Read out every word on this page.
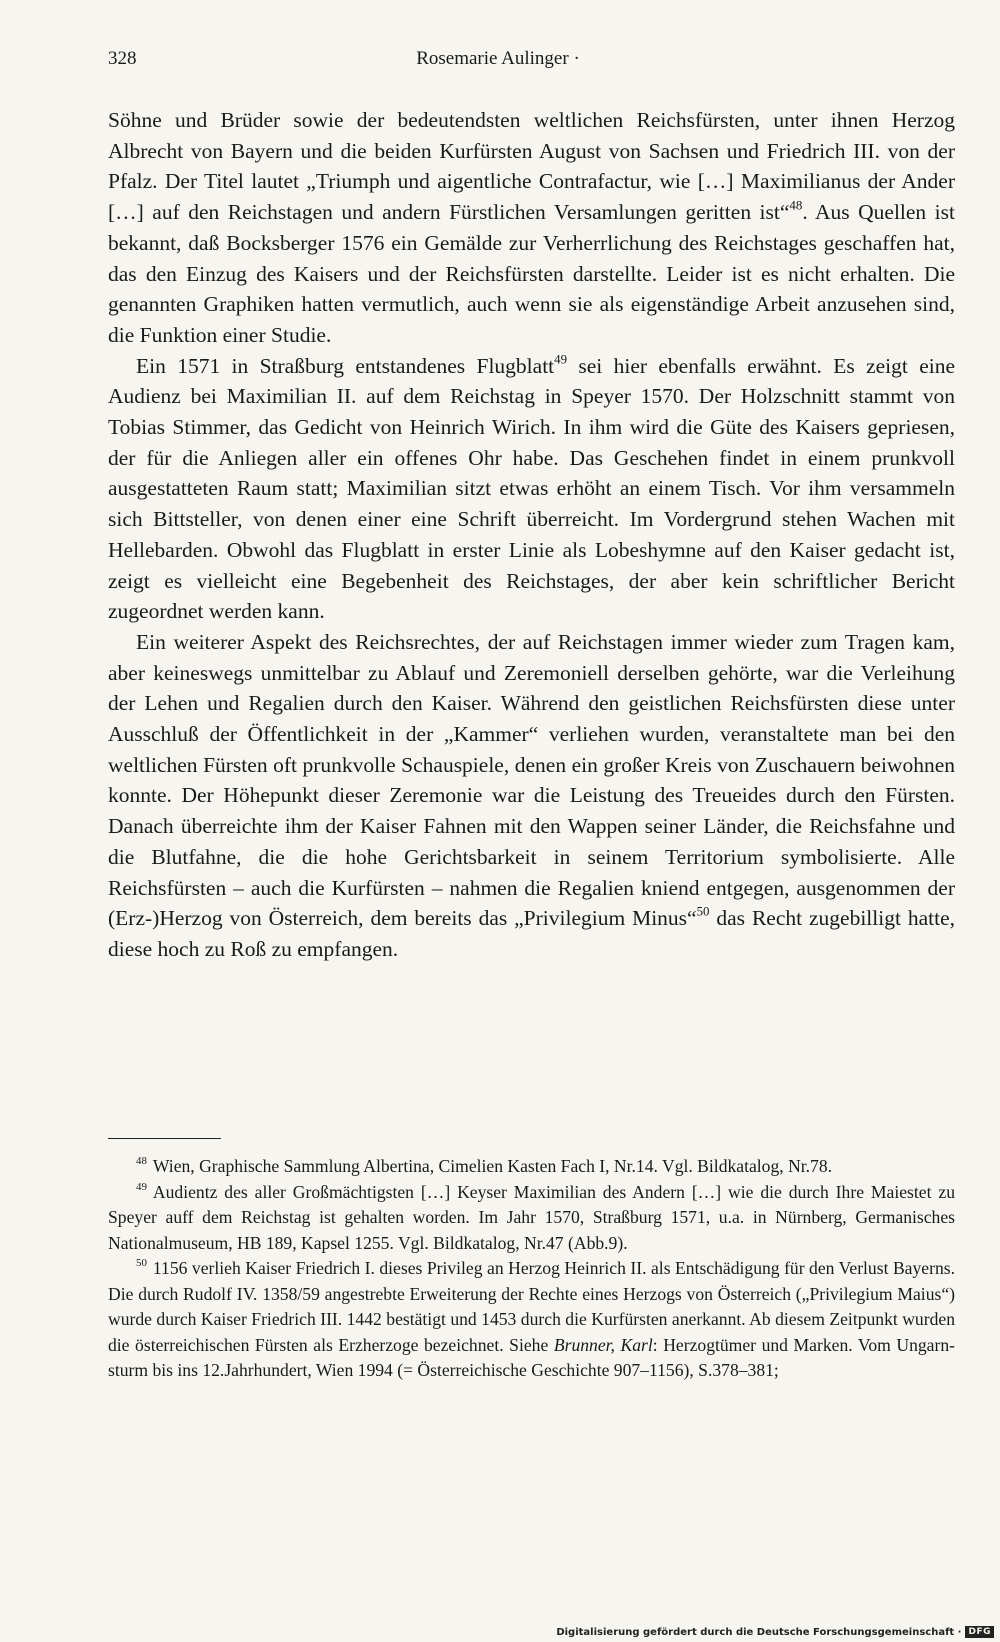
328	Rosemarie Aulinger ·

Söhne und Brüder sowie der bedeutendsten weltlichen Reichsfürsten, unter ihnen Herzog Albrecht von Bayern und die beiden Kurfürsten August von Sachsen und Friedrich III. von der Pfalz. Der Titel lautet „Triumph und aigentliche Contrafactur, wie […] Maximilianus der Ander […] auf den Reichstagen und andern Fürstlichen Versamlungen geritten ist“$^{48}$. Aus Quellen ist bekannt, daß Bocksberger 1576 ein Gemälde zur Verherrlichung des Reichstages geschaffen hat, das den Einzug des Kaisers und der Reichsfürsten darstellte. Leider ist es nicht erhalten. Die genannten Graphiken hatten vermutlich, auch wenn sie als eigenständige Arbeit anzusehen sind, die Funktion einer Studie.

Ein 1571 in Straßburg entstandenes Flugblatt$^{49}$ sei hier ebenfalls erwähnt. Es zeigt eine Audienz bei Maximilian II. auf dem Reichstag in Speyer 1570. Der Holzschnitt stammt von Tobias Stimmer, das Gedicht von Heinrich Wirich. In ihm wird die Güte des Kaisers gepriesen, der für die Anliegen aller ein offenes Ohr habe. Das Geschehen findet in einem prunkvoll ausgestatteten Raum statt; Maximilian sitzt etwas erhöht an einem Tisch. Vor ihm versammeln sich Bittsteller, von denen einer eine Schrift überreicht. Im Vordergrund stehen Wachen mit Hellebarden. Obwohl das Flugblatt in erster Linie als Lobeshymne auf den Kaiser gedacht ist, zeigt es vielleicht eine Begebenheit des Reichstages, der aber kein schriftlicher Bericht zugeordnet werden kann.

Ein weiterer Aspekt des Reichsrechtes, der auf Reichstagen immer wieder zum Tragen kam, aber keineswegs unmittelbar zu Ablauf und Zeremoniell derselben gehörte, war die Verleihung der Lehen und Regalien durch den Kaiser. Während den geistlichen Reichsfürsten diese unter Ausschluß der Öffentlichkeit in der „Kammer“ verliehen wurden, veranstaltete man bei den weltlichen Fürsten oft prunkvolle Schauspiele, denen ein großer Kreis von Zuschauern beiwohnen konnte. Der Höhepunkt dieser Zeremonie war die Leistung des Treueides durch den Fürsten. Danach überreichte ihm der Kaiser Fahnen mit den Wappen seiner Länder, die Reichsfahne und die Blutfahne, die die hohe Gerichtsbarkeit in seinem Territorium symbolisierte. Alle Reichsfürsten – auch die Kurfürsten – nahmen die Regalien kniend entgegen, ausgenommen der (Erz-)Herzog von Österreich, dem bereits das „Privilegium Minus“$^{50}$ das Recht zugebilligt hatte, diese hoch zu Roß zu empfangen.

$^{48}$ Wien, Graphische Sammlung Albertina, Cimelien Kasten Fach I, Nr.14. Vgl. Bildkatalog, Nr.78.

$^{49}$ Audientz des aller Großmächtigsten […] Keyser Maximilian des Andern […] wie die durch Ihre Maiestet zu Speyer auff dem Reichstag ist gehalten worden. Im Jahr 1570, Straßburg 1571, u.a. in Nürnberg, Germanisches Nationalmuseum, HB 189, Kapsel 1255. Vgl. Bildkatalog, Nr.47 (Abb.9).

$^{50}$ 1156 verlieh Kaiser Friedrich I. dieses Privileg an Herzog Heinrich II. als Entschädigung für den Verlust Bayerns. Die durch Rudolf IV. 1358/59 angestrebte Erweiterung der Rechte eines Herzogs von Österreich („Privilegium Maius“) wurde durch Kaiser Friedrich III. 1442 bestätigt und 1453 durch die Kurfürsten anerkannt. Ab diesem Zeitpunkt wurden die österreichischen Fürsten als Erzherzoge bezeichnet. Siehe Brunner, Karl: Herzogtümer und Marken. Vom Ungarnsturm bis ins 12.Jahrhundert, Wien 1994 (= Österreichische Geschichte 907–1156), S.378–381;

Digitalisierung gefördert durch die Deutsche Forschungsgemeinschaft · DFG
